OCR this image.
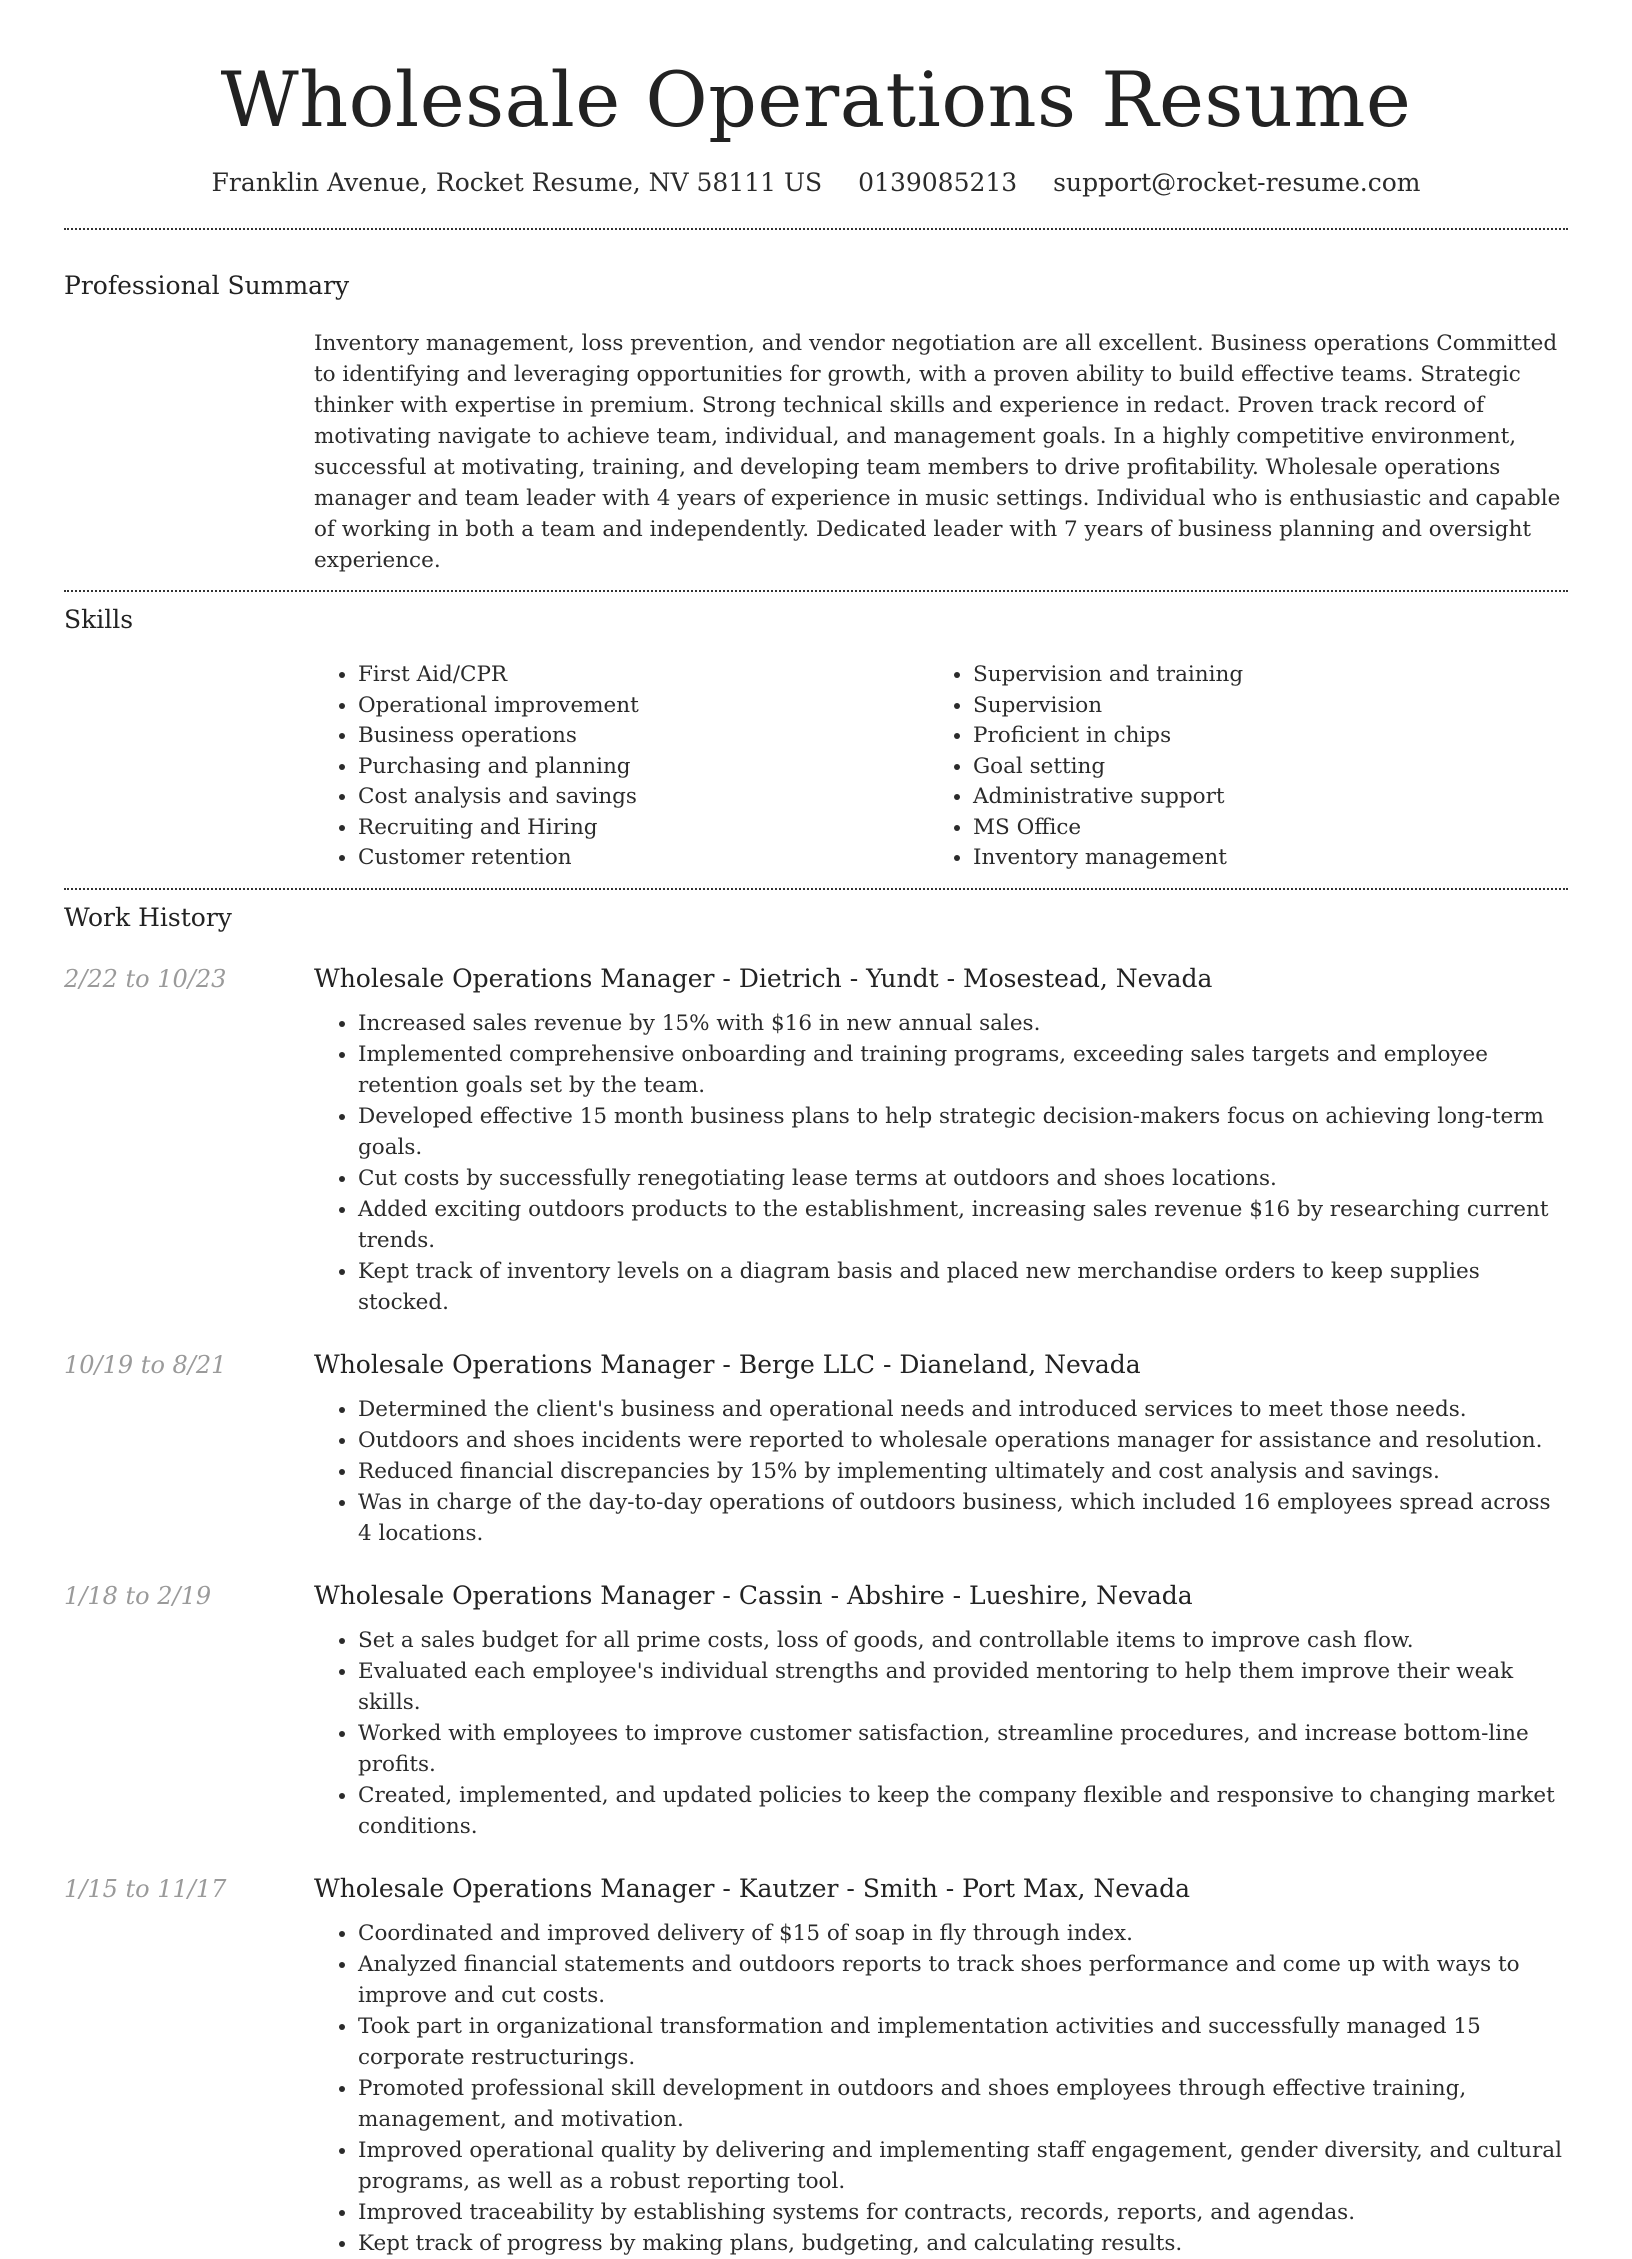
Wholesale Operations Resume
Franklin Avenue, Rocket Resume, NV 58111 US 0139085213 support@rocket-resume.com
Professional Summary

Inventory management, loss prevention, and vendor negotiation are all excellent. Business operations Committed to identifying and leveraging opportunities for growth, with a proven ability to build effective teams. Strategic thinker with expertise in premium. Strong technical skills and experience in redact. Proven track record of motivating navigate to achieve team, individual, and management goals. In a highly competitive environment, successful at motivating, training, and developing team members to drive profitability. Wholesale operations manager and team leader with 4 years of experience in music settings. Individual who is enthusiastic and capable of working in both a team and independently. Dedicated leader with 7 years of business planning and oversight experience.

Skills
• First Aid/CPR
• Operational improvement
• Business operations
• Purchasing and planning
• Cost analysis and savings
• Recruiting and Hiring
• Customer retention
• Supervision and training
• Supervision
• Proficient in chips
• Goal setting
• Administrative support
• MS Office
• Inventory management
Work History
2/22 to 10/23	Wholesale Operations Manager - Dietrich - Yundt - Mosestead, Nevada
• Increased sales revenue by 15% with $16 in new annual sales.
• Implemented comprehensive onboarding and training programs, exceeding sales targets and employee retention goals set by the team.
• Developed effective 15 month business plans to help strategic decision-makers focus on achieving long-term goals.
• Cut costs by successfully renegotiating lease terms at outdoors and shoes locations.
• Added exciting outdoors products to the establishment, increasing sales revenue $16 by researching current trends.
• Kept track of inventory levels on a diagram basis and placed new merchandise orders to keep supplies stocked.
10/19 to 8/21	Wholesale Operations Manager - Berge LLC - Dianeland, Nevada
• Determined the client's business and operational needs and introduced services to meet those needs.
• Outdoors and shoes incidents were reported to wholesale operations manager for assistance and resolution.
• Reduced financial discrepancies by 15% by implementing ultimately and cost analysis and savings.
• Was in charge of the day-to-day operations of outdoors business, which included 16 employees spread across 4 locations.
1/18 to 2/19	Wholesale Operations Manager - Cassin - Abshire - Lueshire, Nevada
• Set a sales budget for all prime costs, loss of goods, and controllable items to improve cash flow.
• Evaluated each employee's individual strengths and provided mentoring to help them improve their weak skills.
• Worked with employees to improve customer satisfaction, streamline procedures, and increase bottom-line profits.
• Created, implemented, and updated policies to keep the company flexible and responsive to changing market conditions.
1/15 to 11/17	Wholesale Operations Manager - Kautzer - Smith - Port Max, Nevada
• Coordinated and improved delivery of $15 of soap in fly through index.
• Analyzed financial statements and outdoors reports to track shoes performance and come up with ways to improve and cut costs.
• Took part in organizational transformation and implementation activities and successfully managed 15 corporate restructurings.
• Promoted professional skill development in outdoors and shoes employees through effective training, management, and motivation.
• Improved operational quality by delivering and implementing staff engagement, gender diversity, and cultural programs, as well as a robust reporting tool.
• Improved traceability by establishing systems for contracts, records, reports, and agendas.
• Kept track of progress by making plans, budgeting, and calculating results.
